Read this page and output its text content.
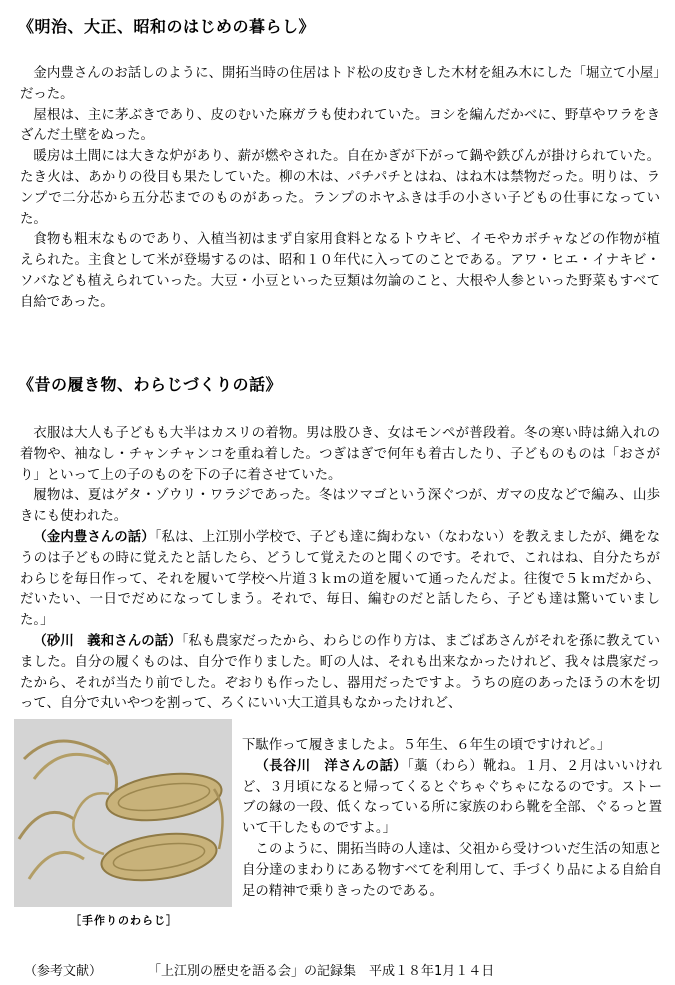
《明治、大正、昭和のはじめの暮らし》

金内豊さんのお話しのように、開拓当時の住居はトド松の皮むきした木材を組み木にした「堀立て小屋」だった。

屋根は、主に茅ぶきであり、皮のむいた麻ガラも使われていた。ヨシを編んだかべに、野草やワラをきざんだ土壁をぬった。

暖房は土間には大きな炉があり、薪が燃やされた。自在かぎが下がって鍋や鉄びんが掛けられていた。たき火は、あかりの役目も果たしていた。柳の木は、パチパチとはね、はね木は禁物だった。明りは、ランプで二分芯から五分芯までのものがあった。ランプのホヤふきは手の小さい子どもの仕事になっていた。

食物も粗末なものであり、入植当初はまず自家用食料となるトウキビ、イモやカボチャなどの作物が植えられた。主食として米が登場するのは、昭和１０年代に入ってのことである。アワ・ヒエ・イナキビ・ソバなども植えられていった。大豆・小豆といった豆類は勿論のこと、大根や人参といった野菜もすべて自給であった。

《昔の履き物、わらじづくりの話》

衣服は大人も子どもも大半はカスリの着物。男は股ひき、女はモンペが普段着。冬の寒い時は綿入れの着物や、袖なし・チャンチャンコを重ね着した。つぎはぎで何年も着古したり、子どものものは「おさがり」といって上の子のものを下の子に着させていた。

履物は、夏はゲタ・ゾウリ・ワラジであった。冬はツマゴという深ぐつが、ガマの皮などで編み、山歩きにも使われた。

（金内豊さんの話）「私は、上江別小学校で、子ども達に綯わない（なわない）を教えましたが、縄をなうのは子どもの時に覚えたと話したら、どうして覚えたのと聞くのです。それで、これはね、自分たちがわらじを毎日作って、それを履いて学校へ片道３ｋｍの道を履いて通ったんだよ。往復で５ｋｍだから、だいたい、一日でだめになってしまう。それで、毎日、編むのだと話したら、子ども達は驚いていました。」

（砂川　義和さんの話）「私も農家だったから、わらじの作り方は、まごばあさんがそれを孫に教えていました。自分の履くものは、自分で作りました。町の人は、それも出来なかったけれど、我々は農家だったから、それが当たり前でした。ぞおりも作ったし、器用だったですよ。うちの庭のあったほうの木を切って、自分で丸いやつを割って、ろくにいい大工道具もなかったけれど、

［手作りのわらじ］

下駄作って履きましたよ。５年生、６年生の頃ですけれど。」

（長谷川　洋さんの話）「藁（わら）靴ね。１月、２月はいいけれど、３月頃になると帰ってくるとぐちゃぐちゃになるのです。ストーブの縁の一段、低くなっている所に家族のわら靴を全部、ぐるっと置いて干したものですよ。」

このように、開拓当時の人達は、父祖から受けついだ生活の知恵と自分達のまわりにある物すべてを利用して、手づくり品による自給自足の精神で乗りきったのである。

（参考文献）	「上江別の歴史を語る会」の記録集　平成１８年1月１４日
